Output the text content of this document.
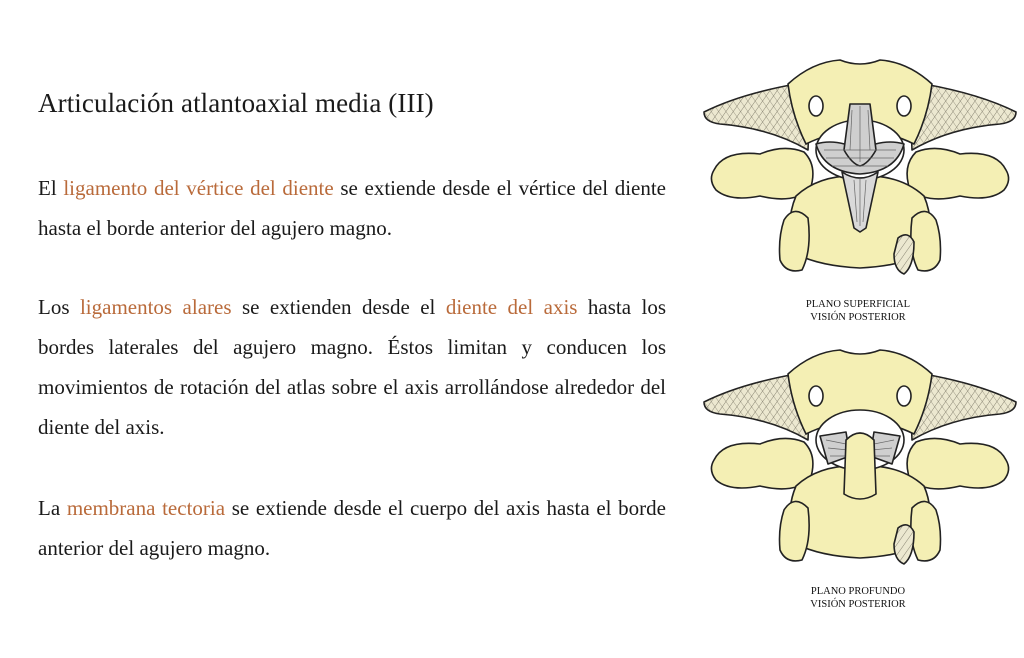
Articulación atlantoaxial media (III)

El ligamento del vértice del diente se extiende desde el vértice del diente hasta el borde anterior del agujero magno.

Los ligamentos alares se extienden desde el diente del axis hasta los bordes laterales del agujero magno. Éstos limitan y conducen los movimientos de rotación del atlas sobre el axis arrollándose alrededor del diente del axis.

La membrana tectoria se extiende desde el cuerpo del axis hasta el borde anterior del agujero magno.

PLANO SUPERFICIAL
VISIÓN POSTERIOR
PLANO PROFUNDO
VISIÓN POSTERIOR
